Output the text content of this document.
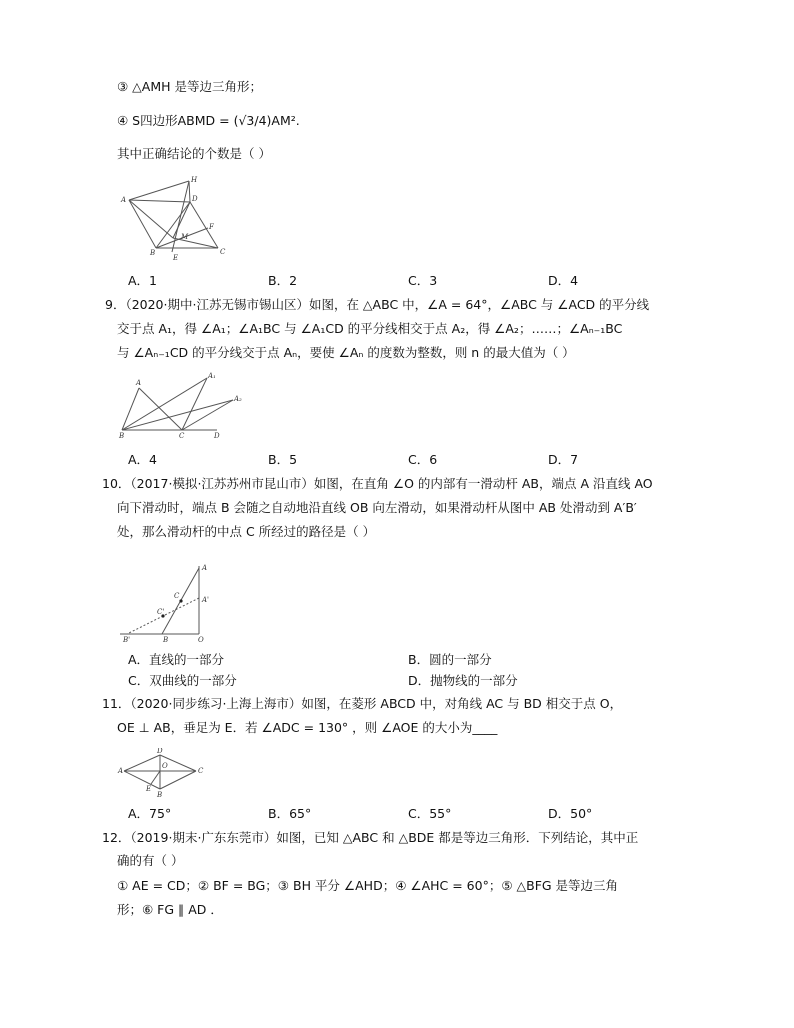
③ △AMH 是等边三角形；
④ S四边形ABMD = (√3/4)AM².
其中正确结论的个数是（ ）
A
H
D
F
M
B
E
C
A．1	B．2	C．3	D．4
9．（2020·期中·江苏无锡市锡山区）如图，在 △ABC 中，∠A = 64°，∠ABC 与 ∠ACD 的平分线
交于点 A₁，得 ∠A₁；∠A₁BC 与 ∠A₁CD 的平分线相交于点 A₂，得 ∠A₂；……；∠Aₙ₋₁BC
与 ∠Aₙ₋₁CD 的平分线交于点 Aₙ，要使 ∠Aₙ 的度数为整数，则 n 的最大值为（ ）
A
A₁
A₂
B	C	D
A．4	B．5	C．6	D．7
10．（2017·模拟·江苏苏州市昆山市）如图，在直角 ∠O 的内部有一滑动杆 AB，端点 A 沿直线 AO
向下滑动时，端点 B 会随之自动地沿直线 OB 向左滑动，如果滑动杆从图中 AB 处滑动到 A′B′
处，那么滑动杆的中点 C 所经过的路径是（ ）
A
A'
C
C'
B'	B	O
A．直线的一部分	B．圆的一部分
C．双曲线的一部分	D．抛物线的一部分
11．（2020·同步练习·上海上海市）如图，在菱形 ABCD 中，对角线 AC 与 BD 相交于点 O，
OE ⊥ AB，垂足为 E．若 ∠ADC = 130° ，则 ∠AOE 的大小为____
A
D
C
O
E
B
A．75°	B．65°	C．55°	D．50°
12．（2019·期末·广东东莞市）如图，已知 △ABC 和 △BDE 都是等边三角形．下列结论，其中正
确的有（ ）
① AE = CD；② BF = BG；③ BH 平分 ∠AHD；④ ∠AHC = 60°；⑤ △BFG 是等边三角
形；⑥ FG ∥ AD ．
